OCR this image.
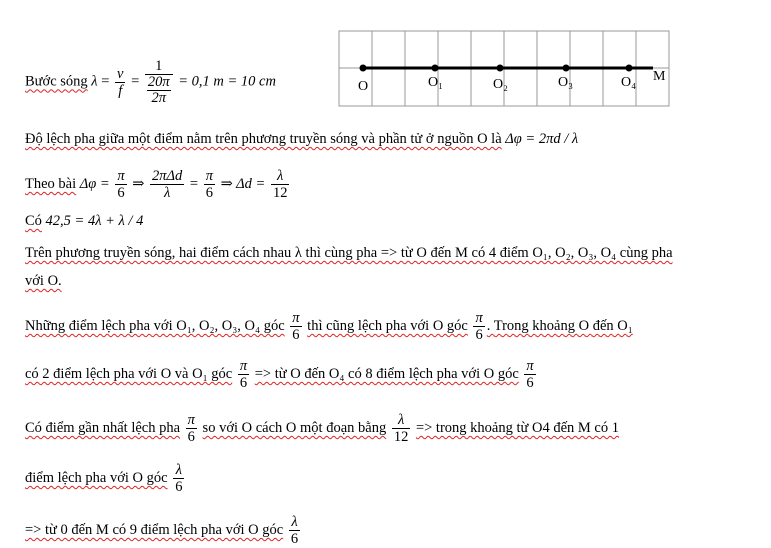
O	O₁	O₂	O₃	O₄ M
Bước sóng $\lambda = \frac{v}{f} = \frac{1}{\frac{20\pi}{2\pi}} = 0,1$ m = 10 cm
Độ lệch pha giữa một điểm nằm trên phương truyền sóng và phần tử ở nguồn O là Δφ = 2πd / λ
Theo bài $\Delta\varphi = \frac{\pi}{6}$ ⇒ $\frac{\text{2πΔd}}{\lambda} = \frac{\pi}{6}$ ⇒ $\Delta d = \frac{\lambda}{12}$
Có 42,5 = 4λ + λ / 4
Trên phương truyền sóng, hai điểm cách nhau λ thì cùng pha => từ O đến M có 4 điểm O₁, O₂, O₃, O₄ cùng pha
với O.
Những điểm lệch pha với O₁, O₂, O₃, O₄ góc $\frac{\pi}{6}$ thì cũng lệch pha với O góc $\frac{\pi}{6}$ . Trong khoảng O đến O₁
có 2 điểm lệch pha với O và O₁ góc $\frac{\pi}{6}$ => từ O đến O₄ có 8 điểm lệch pha với O góc $\frac{\pi}{6}$
Có điểm gần nhất lệch pha $\frac{\pi}{6}$ so với O cách O một đoạn bằng $\frac{\lambda}{12}$ => trong khoảng từ O4 đến M có 1
điểm lệch pha với O góc $\frac{\lambda}{6}$
=> từ 0 đến M có 9 điểm lệch pha với O góc $\frac{\lambda}{6}$
